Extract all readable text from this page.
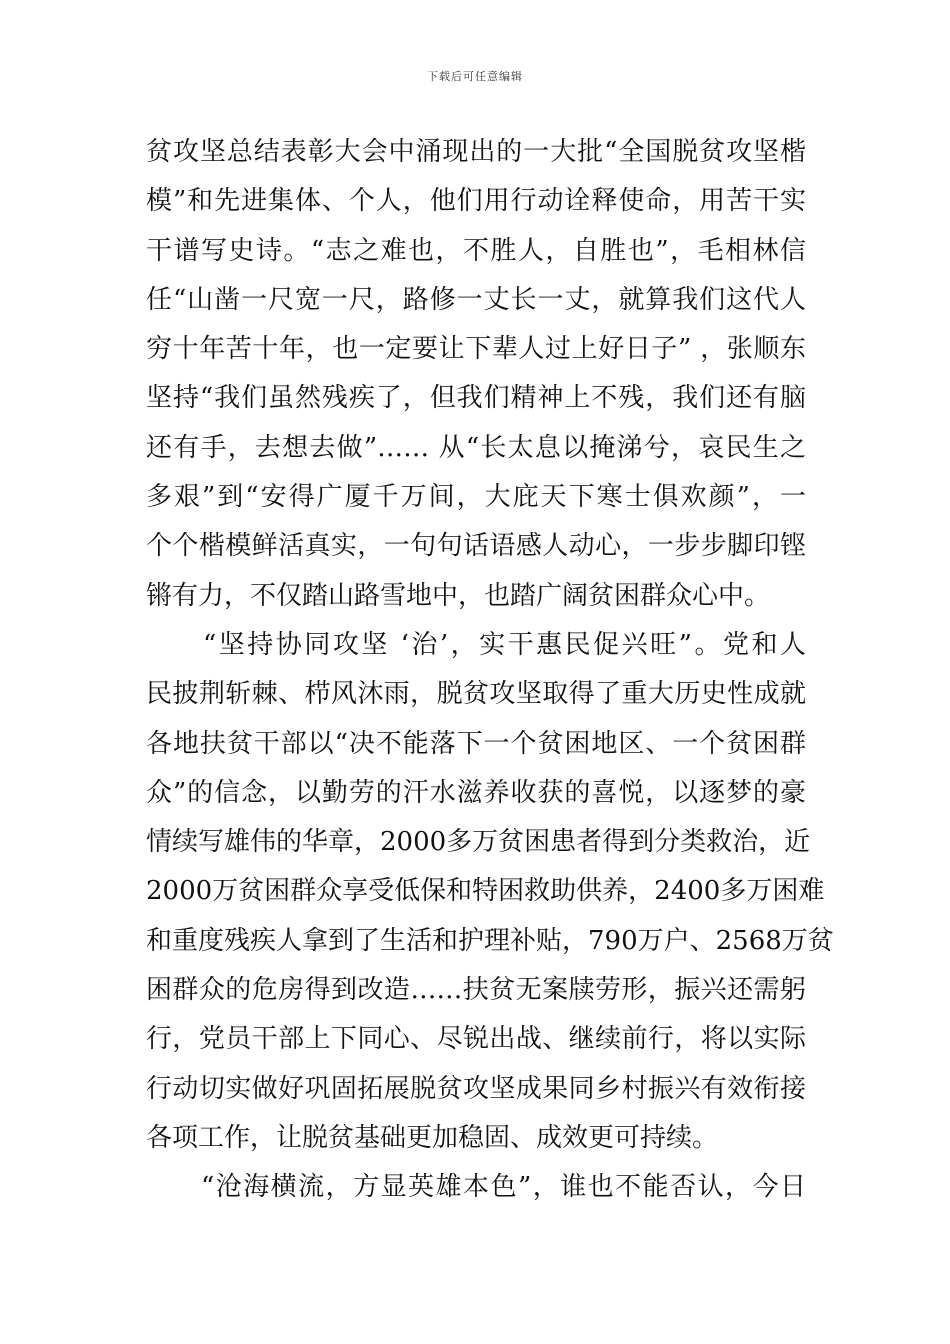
下载后可任意编辑
贫攻坚总结表彰大会中涌现出的一大批“全国脱贫攻坚楷
模”和先进集体、个人，他们用行动诠释使命，用苦干实
干谱写史诗。“志之难也，不胜人，自胜也”，毛相林信
任“山凿一尺宽一尺，路修一丈长一丈，就算我们这代人
穷十年苦十年，也一定要让下辈人过上好日子” ，张顺东
坚持“我们虽然残疾了，但我们精神上不残，我们还有脑
还有手，去想去做”…… 从“长太息以掩涕兮，哀民生之
多艰”到“安得广厦千万间，大庇天下寒士俱欢颜”，一
个个楷模鲜活真实，一句句话语感人动心，一步步脚印铿
锵有力，不仅踏山路雪地中，也踏广阔贫困群众心中。
　　“坚持协同攻坚 ‘治’，实干惠民促兴旺”。党和人
民披荆斩棘、栉风沐雨，脱贫攻坚取得了重大历史性成就
各地扶贫干部以“决不能落下一个贫困地区、一个贫困群
众”的信念，以勤劳的汗水滋养收获的喜悦，以逐梦的豪
情续写雄伟的华章，2000多万贫困患者得到分类救治，近
2000万贫困群众享受低保和特困救助供养，2400多万困难
和重度残疾人拿到了生活和护理补贴，790万户、2568万贫
困群众的危房得到改造……扶贫无案牍劳形，振兴还需躬
行，党员干部上下同心、尽锐出战、继续前行，将以实际
行动切实做好巩固拓展脱贫攻坚成果同乡村振兴有效衔接
各项工作，让脱贫基础更加稳固、成效更可持续。
　　“沧海横流，方显英雄本色”，谁也不能否认，今日
